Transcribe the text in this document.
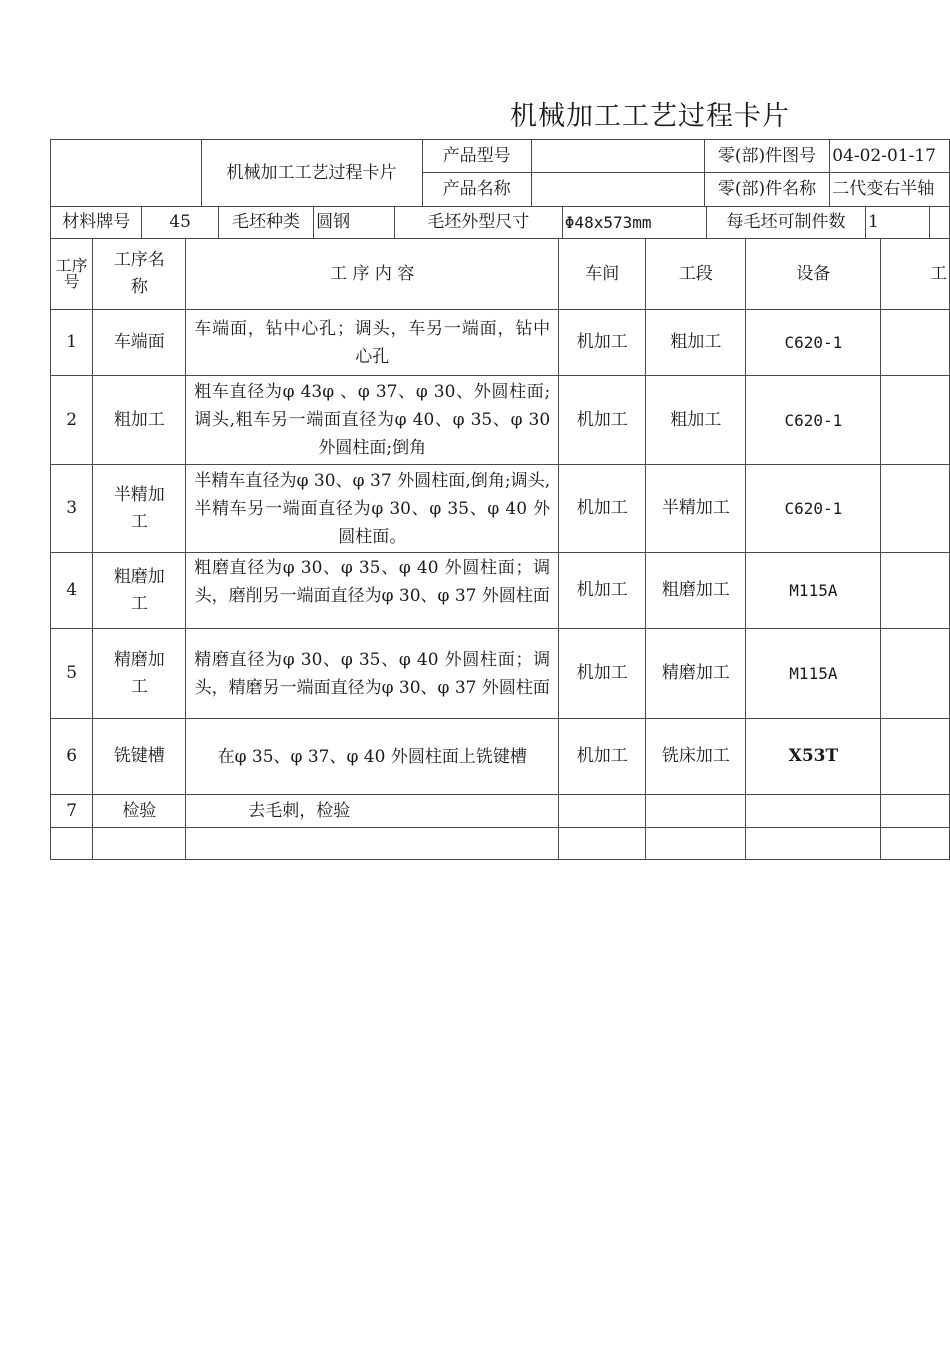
机械加工工艺过程卡片
	机械加工工艺过程卡片	产品型号		零(部)件图号	04-02-01-17
		产品名称		零(部)件名称	二代变右半轴
材料牌号	45	毛坯种类	圆钢	毛坯外型尺寸	Φ48x573mm	每毛坯可制件数	1	
工序号	工序名称	工 序 内 容	车间	工段	设备	工
1	车端面	车端面，钻中心孔；调头，车另一端面，钻中心孔	机加工	粗加工	C620-1	
2	粗加工	粗车直径为φ 43φ 、φ 37、φ 30、外圆柱面;调头,粗车另一端面直径为φ 40、φ 35、φ 30外圆柱面;倒角	机加工	粗加工	C620-1	
3	半精加工	半精车直径为φ 30、φ 37 外圆柱面,倒角;调头,半精车另一端面直径为φ 30、φ 35、φ 40 外圆柱面。	机加工	半精加工	C620-1	
4	粗磨加工	粗磨直径为φ 30、φ 35、φ 40 外圆柱面；调头，磨削另一端面直径为φ 30、φ 37 外圆柱面	机加工	粗磨加工	M115A	
5	精磨加工	精磨直径为φ 30、φ 35、φ 40 外圆柱面；调头，精磨另一端面直径为φ 30、φ 37 外圆柱面	机加工	精磨加工	M115A	
6	铣键槽	在φ 35、φ 37、φ 40 外圆柱面上铣键槽	机加工	铣床加工	X53T	
7	检验	去毛刺，检验				
